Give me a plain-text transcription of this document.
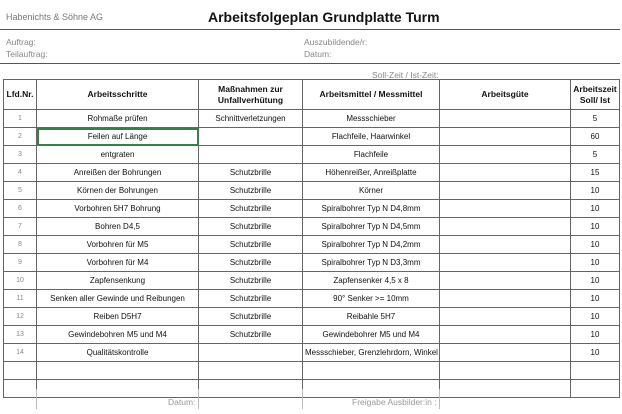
Habenichts & Söhne AG	Arbeitsfolgeplan Grundplatte Turm
Auftrag:
Teilauftrag:
Auszubildende/r:
Datum:
Soll-Zeit / Ist-Zeit:
Lfd.Nr.	Arbeitsschritte	Maßnahmen zur Unfallverhütung	Arbeitsmittel / Messmittel	Arbeitsgüte	Arbeitszeit Soll/ Ist
1	Rohmaße prüfen	Schnittverletzungen	Messschieber		5
2	Feilen auf Länge		Flachfeile, Haarwinkel		60
3	entgraten		Flachfeile		5
4	Anreißen der Bohrungen	Schutzbrille	Höhenreißer, Anreißplatte		15
5	Körnen der Bohrungen	Schutzbrille	Körner		10
6	Vorbohren 5H7 Bohrung	Schutzbrille	Spiralbohrer Typ N D4,8mm		10
7	Bohren D4,5	Schutzbrille	Spiralbohrer Typ N D4,5mm		10
8	Vorbohren für M5	Schutzbrille	Spiralbohrer Typ N D4,2mm		10
9	Vorbohren für M4	Schutzbrille	Spiralbohrer Typ N D3,3mm		10
10	Zapfensenkung	Schutzbrille	Zapfensenker 4,5 x 8		10
11	Senken aller Gewinde und Reibungen	Schutzbrille	90° Senker >= 10mm		10
12	Reiben D5H7	Schutzbrille	Reibahle 5H7		10
13	Gewindebohren M5 und M4	Schutzbrille	Gewindebohrer M5 und M4		10
14	Qualitätskontrolle		Messschieber, Grenzlehrdorn, Winkel		10

Datum:	Freigabe Ausbilder:in :
